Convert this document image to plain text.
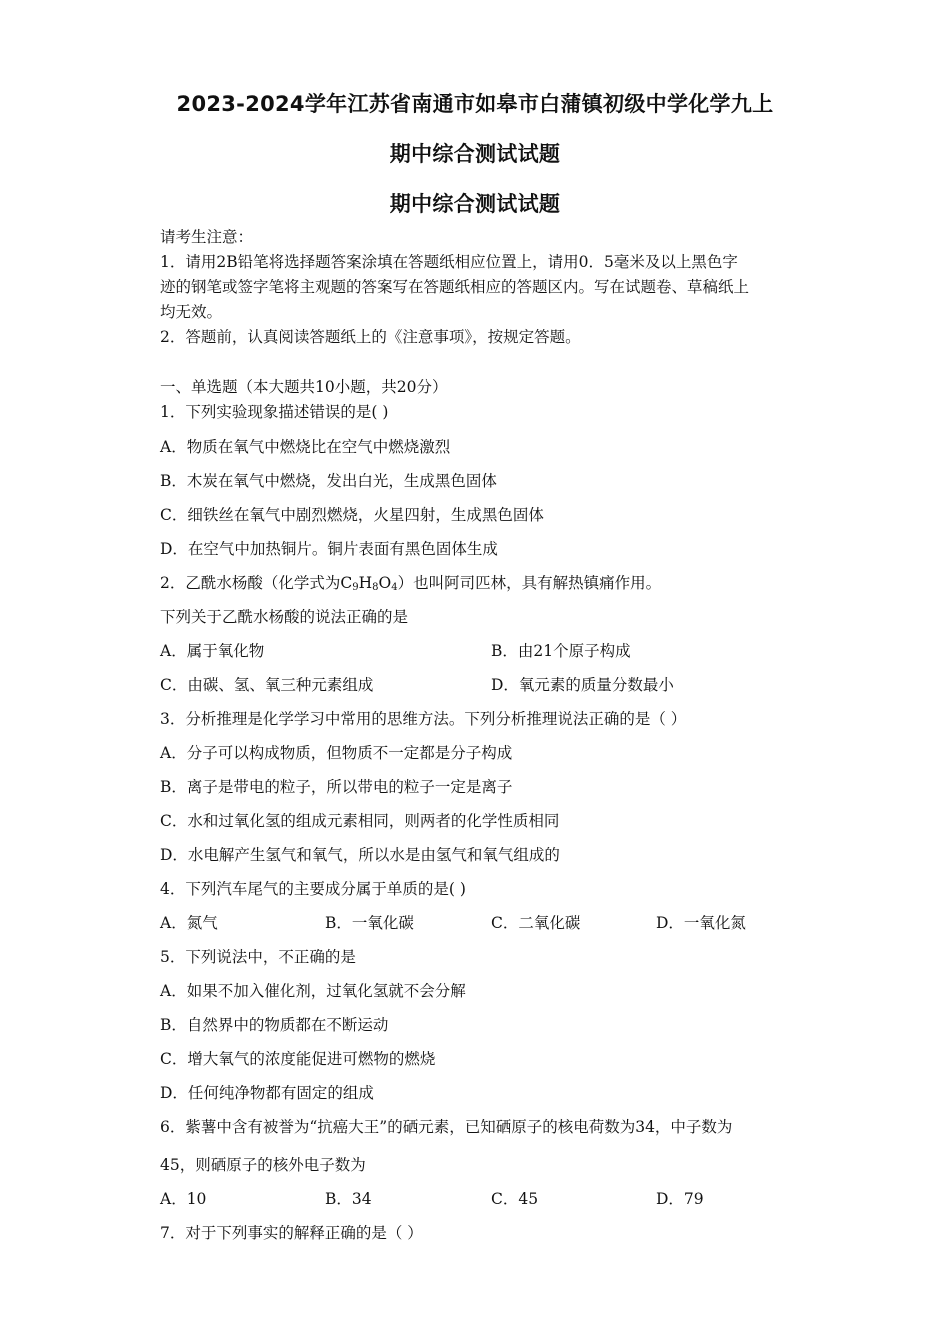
2023-2024学年江苏省南通市如皋市白蒲镇初级中学化学九上
期中综合测试试题
期中综合测试试题
请考生注意：
1．请用2B铅笔将选择题答案涂填在答题纸相应位置上，请用0．5毫米及以上黑色字
迹的钢笔或签字笔将主观题的答案写在答题纸相应的答题区内。写在试题卷、草稿纸上
均无效。
2．答题前，认真阅读答题纸上的《注意事项》，按规定答题。
一、单选题（本大题共10小题，共20分）
1．下列实验现象描述错误的是( )
A．物质在氧气中燃烧比在空气中燃烧激烈
B．木炭在氧气中燃烧，发出白光，生成黑色固体
C．细铁丝在氧气中剧烈燃烧，火星四射，生成黑色固体
D．在空气中加热铜片。铜片表面有黑色固体生成
2．乙酰水杨酸（化学式为$C_9H_8O_4$）也叫阿司匹林，具有解热镇痛作用。
下列关于乙酰水杨酸的说法正确的是
A．属于氧化物	B．由21个原子构成
C．由碳、氢、氧三种元素组成	D．氧元素的质量分数最小
3．分析推理是化学学习中常用的思维方法。下列分析推理说法正确的是（ ）
A．分子可以构成物质，但物质不一定都是分子构成
B．离子是带电的粒子，所以带电的粒子一定是离子
C．水和过氧化氢的组成元素相同，则两者的化学性质相同
D．水电解产生氢气和氧气，所以水是由氢气和氧气组成的
4．下列汽车尾气的主要成分属于单质的是( )
A．氮气	B．一氧化碳	C．二氧化碳	D．一氧化氮
5．下列说法中，不正确的是
A．如果不加入催化剂，过氧化氢就不会分解
B．自然界中的物质都在不断运动
C．增大氧气的浓度能促进可燃物的燃烧
D．任何纯净物都有固定的组成
6．紫薯中含有被誉为“抗癌大王”的硒元素，已知硒原子的核电荷数为34，中子数为
45，则硒原子的核外电子数为
A．10	B．34	C．45	D．79
7．对于下列事实的解释正确的是（ ）
